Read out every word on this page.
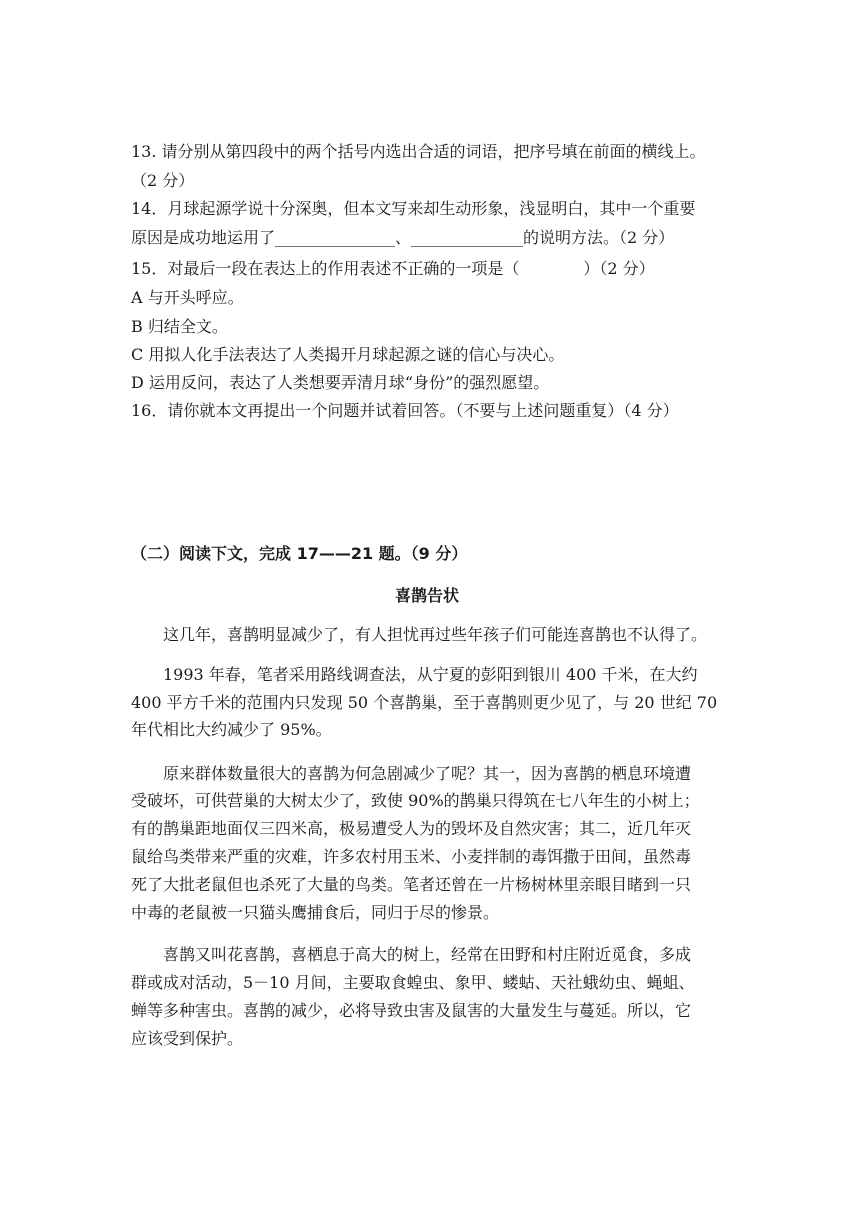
13. 请分别从第四段中的两个括号内选出合适的词语，把序号填在前面的横线上。
（2 分）
14．月球起源学说十分深奥，但本文写来却生动形象，浅显明白，其中一个重要
原因是成功地运用了_______________、______________的说明方法。（2 分）
15．对最后一段在表达上的作用表述不正确的一项是（　　　　）（2 分）
A 与开头呼应。
B 归结全文。
C 用拟人化手法表达了人类揭开月球起源之谜的信心与决心。
D 运用反问，表达了人类想要弄清月球“身份”的强烈愿望。
16．请你就本文再提出一个问题并试着回答。（不要与上述问题重复）（4 分）
（二）阅读下文，完成 17——21 题。（9 分）
喜鹊告状
这几年，喜鹊明显减少了，有人担忧再过些年孩子们可能连喜鹊也不认得了。
1993 年春，笔者采用路线调查法，从宁夏的彭阳到银川 400 千米，在大约
400 平方千米的范围内只发现 50 个喜鹊巢，至于喜鹊则更少见了，与 20 世纪 70
年代相比大约减少了 95%。
原来群体数量很大的喜鹊为何急剧减少了呢？其一，因为喜鹊的栖息环境遭
受破坏，可供营巢的大树太少了，致使 90%的鹊巢只得筑在七八年生的小树上；
有的鹊巢距地面仅三四米高，极易遭受人为的毁坏及自然灾害；其二，近几年灭
鼠给鸟类带来严重的灾难，许多农村用玉米、小麦拌制的毒饵撒于田间，虽然毒
死了大批老鼠但也杀死了大量的鸟类。笔者还曾在一片杨树林里亲眼目睹到一只
中毒的老鼠被一只猫头鹰捕食后，同归于尽的惨景。
喜鹊又叫花喜鹊，喜栖息于高大的树上，经常在田野和村庄附近觅食，多成
群或成对活动，5－10 月间，主要取食蝗虫、象甲、蝼蛄、天社蛾幼虫、蝇蛆、
蝉等多种害虫。喜鹊的减少，必将导致虫害及鼠害的大量发生与蔓延。所以，它
应该受到保护。
